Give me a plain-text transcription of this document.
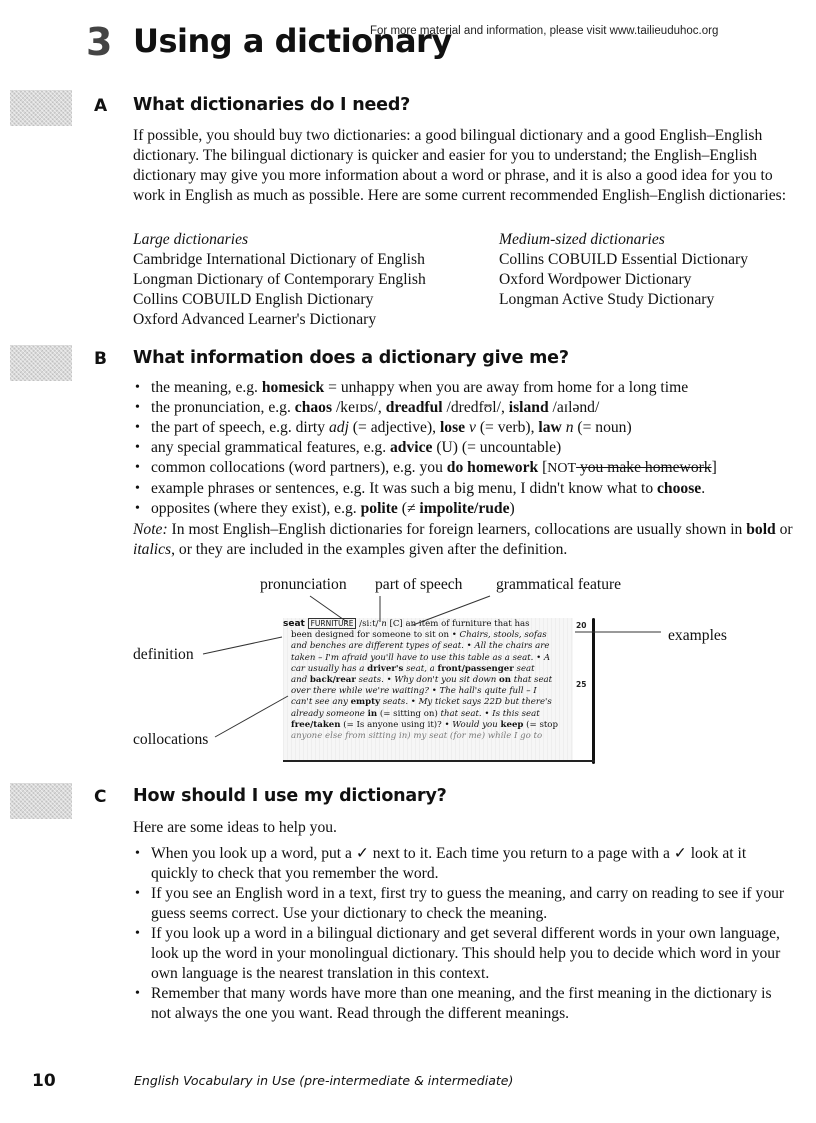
3 Using a dictionary
For more material and information, please visit www.tailieuduhoc.org
A What dictionaries do I need?
If possible, you should buy two dictionaries: a good bilingual dictionary and a good English–English dictionary. The bilingual dictionary is quicker and easier for you to understand; the English–English dictionary may give you more information about a word or phrase, and it is also a good idea for you to work in English as much as possible. Here are some current recommended English–English dictionaries:
Large dictionaries
Cambridge International Dictionary of English
Longman Dictionary of Contemporary English
Collins COBUILD English Dictionary
Oxford Advanced Learner's Dictionary
Medium-sized dictionaries
Collins COBUILD Essential Dictionary
Oxford Wordpower Dictionary
Longman Active Study Dictionary
B What information does a dictionary give me?
• the meaning, e.g. homesick = unhappy when you are away from home for a long time
• the pronunciation, e.g. chaos /keɪɒs/, dreadful /dredfʊl/, island /aɪlənd/
• the part of speech, e.g. dirty adj (= adjective), lose v (= verb), law n (= noun)
• any special grammatical features, e.g. advice (U) (= uncountable)
• common collocations (word partners), e.g. you do homework [NOT you make homework]
• example phrases or sentences, e.g. It was such a big menu, I didn't know what to choose.
• opposites (where they exist), e.g. polite (≠ impolite/rude)
Note: In most English–English dictionaries for foreign learners, collocations are usually shown in bold or italics, or they are included in the examples given after the definition.
pronunciation part of speech grammatical feature
definition
collocations
examples

seat FURNITURE /siːt/ n [C] an item of furniture that has

been designed for someone to sit on • Chairs, stools, sofas

and benches are different types of seat. • All the chairs are

taken – I'm afraid you'll have to use this table as a seat. • A

car usually has a driver's seat, a front/passenger seat

and back/rear seats. • Why don't you sit down on that seat

over there while we're waiting? • The hall's quite full – I

can't see any empty seats. • My ticket says 22D but there's

already someone in (= sitting on) that seat. • Is this seat

free/taken (= Is anyone using it)? • Would you keep (= stop

anyone else from sitting in) my seat (for me) while I go to

20
25
C How should I use my dictionary?
Here are some ideas to help you.
• When you look up a word, put a ✓ next to it. Each time you return to a page with a ✓ look at it quickly to check that you remember the word.
• If you see an English word in a text, first try to guess the meaning, and carry on reading to see if your guess seems correct. Use your dictionary to check the meaning.
• If you look up a word in a bilingual dictionary and get several different words in your own language, look up the word in your monolingual dictionary. This should help you to decide which word in your own language is the nearest translation in this context.
• Remember that many words have more than one meaning, and the first meaning in the dictionary is not always the one you want. Read through the different meanings.
10	English Vocabulary in Use (pre-intermediate & intermediate)
